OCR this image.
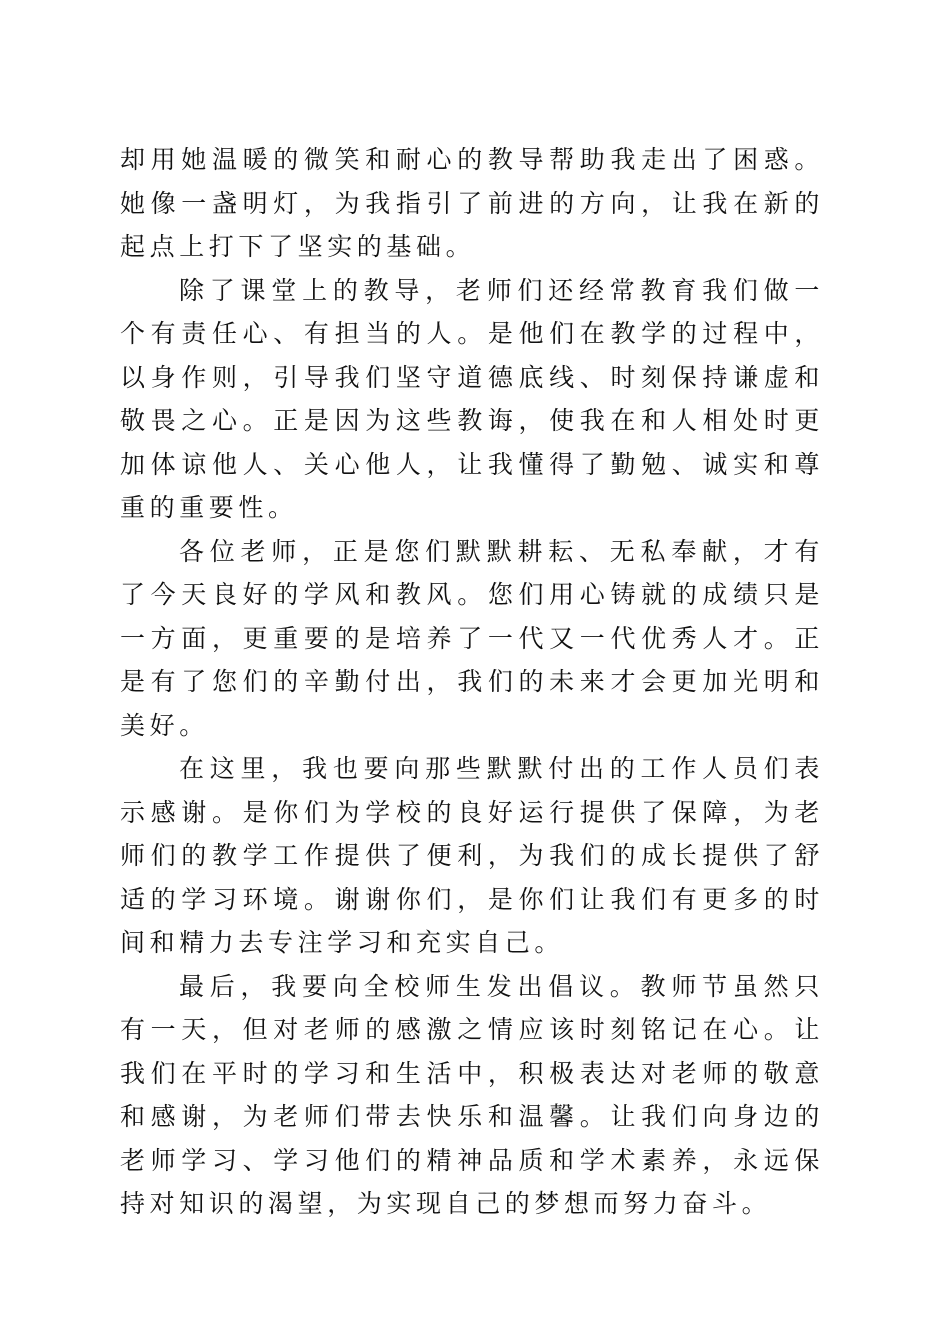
却用她温暖的微笑和耐心的教导帮助我走出了困惑。她像一盏明灯，为我指引了前进的方向，让我在新的起点上打下了坚实的基础。

除了课堂上的教导，老师们还经常教育我们做一个有责任心、有担当的人。是他们在教学的过程中，以身作则，引导我们坚守道德底线、时刻保持谦虚和敬畏之心。正是因为这些教诲，使我在和人相处时更加体谅他人、关心他人，让我懂得了勤勉、诚实和尊重的重要性。

各位老师，正是您们默默耕耘、无私奉献，才有了今天良好的学风和教风。您们用心铸就的成绩只是一方面，更重要的是培养了一代又一代优秀人才。正是有了您们的辛勤付出，我们的未来才会更加光明和美好。

在这里，我也要向那些默默付出的工作人员们表示感谢。是你们为学校的良好运行提供了保障，为老师们的教学工作提供了便利，为我们的成长提供了舒适的学习环境。谢谢你们，是你们让我们有更多的时间和精力去专注学习和充实自己。

最后，我要向全校师生发出倡议。教师节虽然只有一天，但对老师的感激之情应该时刻铭记在心。让我们在平时的学习和生活中，积极表达对老师的敬意和感谢，为老师们带去快乐和温馨。让我们向身边的老师学习、学习他们的精神品质和学术素养，永远保持对知识的渴望，为实现自己的梦想而努力奋斗。
